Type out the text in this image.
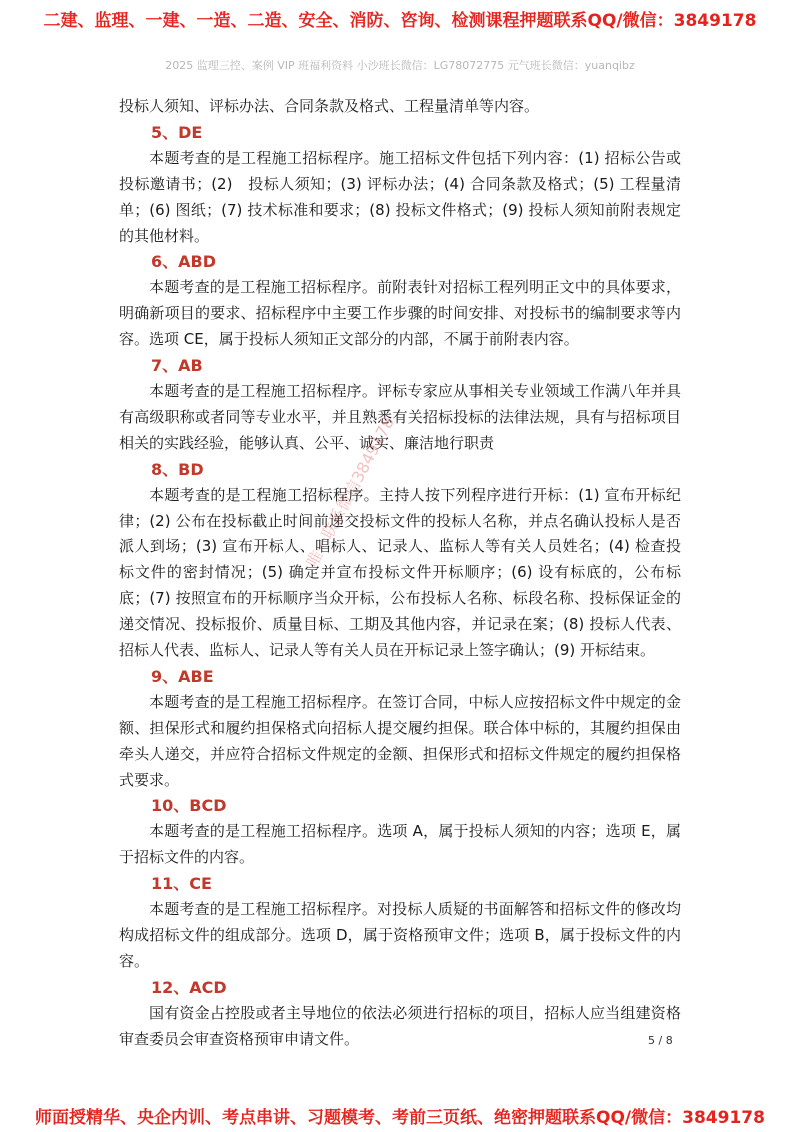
二建、监理、一建、一造、二造、安全、消防、咨询、检测课程押题联系QQ/微信：3849178
2025 监理三控、案例 VIP 班福利资料 小沙班长微信：LG78072775 元气班长微信：yuanqibz

投标人须知、评标办法、合同条款及格式、工程量清单等内容。

5、DE

本题考查的是工程施工招标程序。施工招标文件包括下列内容：(1) 招标公告或投标邀请书；(2)　投标人须知；(3) 评标办法；(4) 合同条款及格式；(5) 工程量清单；(6) 图纸；(7) 技术标准和要求；(8) 投标文件格式；(9) 投标人须知前附表规定的其他材料。

6、ABD

本题考查的是工程施工招标程序。前附表针对招标工程列明正文中的具体要求，明确新项目的要求、招标程序中主要工作步骤的时间安排、对投标书的编制要求等内容。选项 CE，属于投标人须知正文部分的内部，不属于前附表内容。

7、AB

本题考查的是工程施工招标程序。评标专家应从事相关专业领域工作满八年并具有高级职称或者同等专业水平，并且熟悉有关招标投标的法律法规，具有与招标项目相关的实践经验，能够认真、公平、诚实、廉洁地行职责

8、BD

本题考查的是工程施工招标程序。主持人按下列程序进行开标：(1) 宣布开标纪律；(2) 公布在投标截止时间前递交投标文件的投标人名称，并点名确认投标人是否派人到场；(3) 宣布开标人、唱标人、记录人、监标人等有关人员姓名；(4) 检查投标文件的密封情况；(5) 确定并宣布投标文件开标顺序；(6) 设有标底的，公布标底；(7) 按照宣布的开标顺序当众开标，公布投标人名称、标段名称、投标保证金的递交情况、投标报价、质量目标、工期及其他内容，并记录在案；(8) 投标人代表、招标人代表、监标人、记录人等有关人员在开标记录上签字确认；(9) 开标结束。

9、ABE

本题考查的是工程施工招标程序。在签订合同，中标人应按招标文件中规定的金额、担保形式和履约担保格式向招标人提交履约担保。联合体中标的，其履约担保由牵头人递交，并应符合招标文件规定的金额、担保形式和招标文件规定的履约担保格式要求。

10、BCD

本题考查的是工程施工招标程序。选项 A，属于投标人须知的内容；选项 E，属于招标文件的内容。

11、CE

本题考查的是工程施工招标程序。对投标人质疑的书面解答和招标文件的修改均构成招标文件的组成部分。选项 D，属于资格预审文件；选项 B，属于投标文件的内容。

12、ACD

国有资金占控股或者主导地位的依法必须进行招标的项目，招标人应当组建资格审查委员会审查资格预审申请文件。	5 / 8
唯一联系微信3849178
师面授精华、央企内训、考点串讲、习题模考、考前三页纸、绝密押题联系QQ/微信：3849178
